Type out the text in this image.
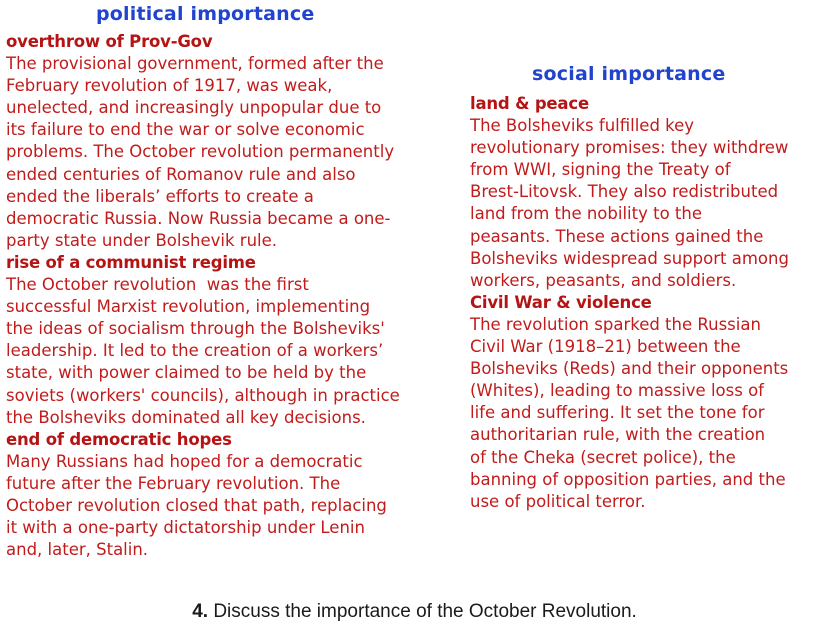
political importance
overthrow of Prov-Gov
The provisional government, formed after the
February revolution of 1917, was weak,
unelected, and increasingly unpopular due to
its failure to end the war or solve economic
problems. The October revolution permanently
ended centuries of Romanov rule and also
ended the liberals’ efforts to create a
democratic Russia. Now Russia became a one-
party state under Bolshevik rule.
rise of a communist regime
The October revolution  was the first
successful Marxist revolution, implementing
the ideas of socialism through the Bolsheviks'
leadership. It led to the creation of a workers’
state, with power claimed to be held by the
soviets (workers' councils), although in practice
the Bolsheviks dominated all key decisions.
end of democratic hopes
Many Russians had hoped for a democratic
future after the February revolution. The
October revolution closed that path, replacing
it with a one-party dictatorship under Lenin
and, later, Stalin.
social importance
land & peace
The Bolsheviks fulfilled key
revolutionary promises: they withdrew
from WWI, signing the Treaty of
Brest-Litovsk. They also redistributed
land from the nobility to the
peasants. These actions gained the
Bolsheviks widespread support among
workers, peasants, and soldiers.
Civil War & violence
The revolution sparked the Russian
Civil War (1918–21) between the
Bolsheviks (Reds) and their opponents
(Whites), leading to massive loss of
life and suffering. It set the tone for
authoritarian rule, with the creation
of the Cheka (secret police), the
banning of opposition parties, and the
use of political terror.
4. Discuss the importance of the October Revolution.
